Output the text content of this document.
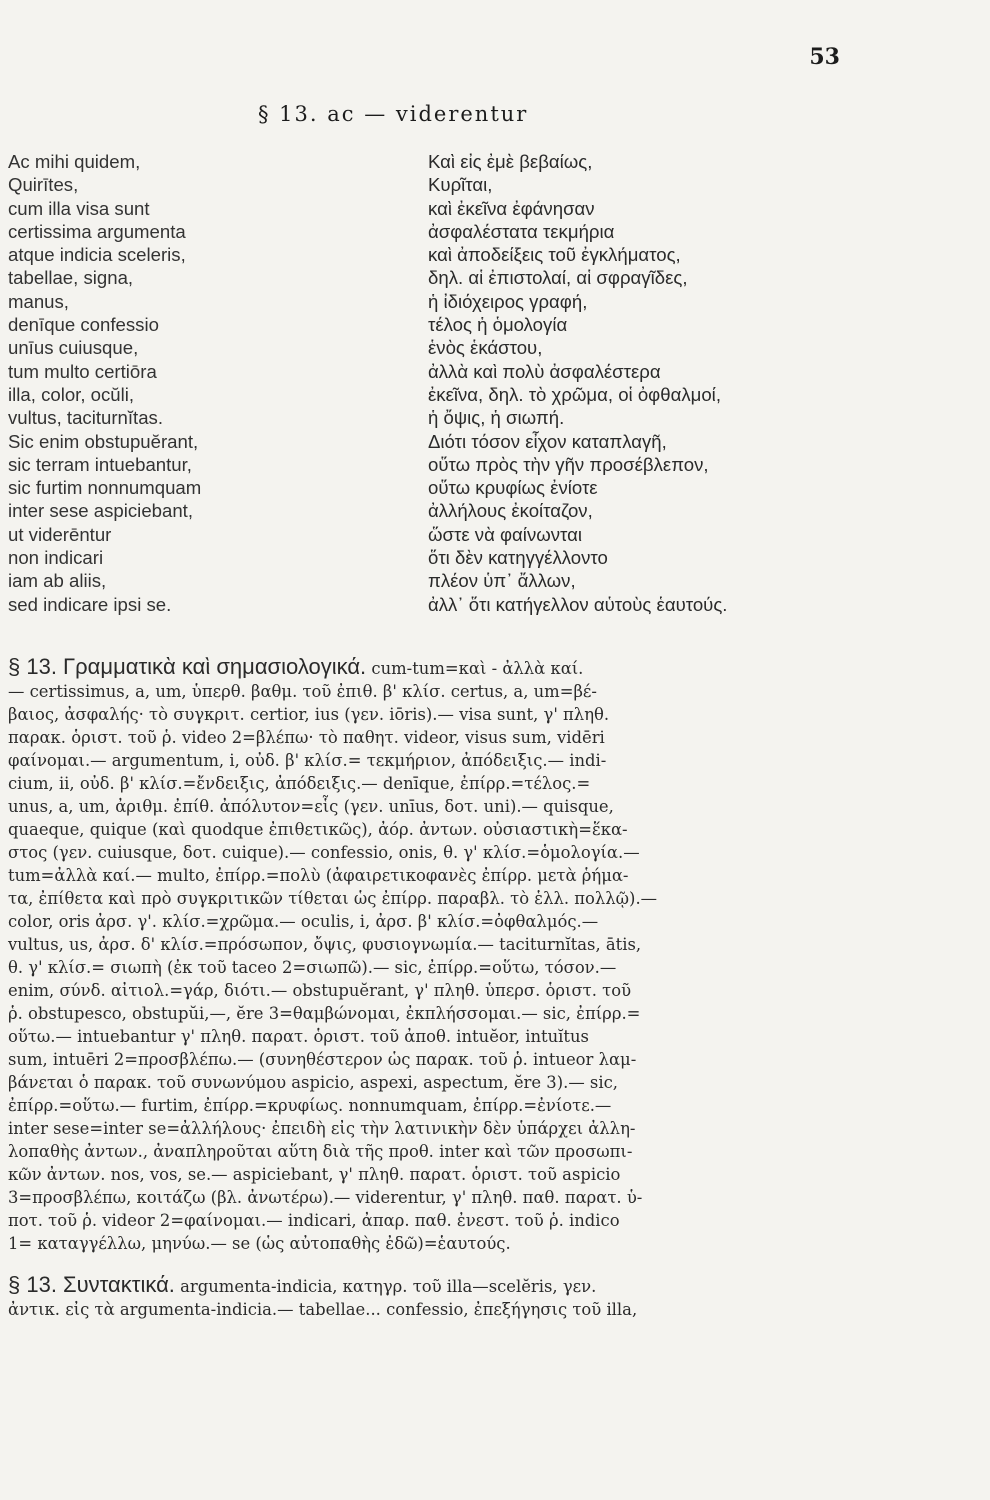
53
§ 13. ac — viderentur
Ac mihi quidem,
Quirītes,
cum illa visa sunt
certissima argumenta
atque indicia sceleris,
tabellae, signa,
manus,
denīque confessio
unīus cuiusque,
tum multo certiōra
illa, color, ocŭli,
vultus, taciturnĭtas.
Sic enim obstupuĕrant,
sic terram intuebantur,
sic furtim nonnumquam
inter sese aspiciebant,
ut viderēntur
non indicari
iam ab aliis,
sed indicare ipsi se.
Καὶ εἰς ἐμὲ βεβαίως,
Κυρῖται,
καὶ ἐκεῖνα ἐφάνησαν
ἀσφαλέστατα τεκμήρια
καὶ ἀποδείξεις τοῦ ἐγκλήματος,
δηλ. αἱ ἐπιστολαί, αἱ σφραγῖδες,
ἡ ἰδιόχειρος γραφή,
τέλος ἡ ὁμολογία
ἑνὸς ἑκάστου,
ἀλλὰ καὶ πολὺ ἀσφαλέστερα
ἐκεῖνα, δηλ. τὸ χρῶμα, οἱ ὀφθαλμοί,
ἡ ὄψις, ἡ σιωπή.
Διότι τόσον εἶχον καταπλαγῆ,
οὕτω πρὸς τὴν γῆν προσέβλεπον,
οὕτω κρυφίως ἐνίοτε
ἀλλήλους ἐκοίταζον,
ὥστε νὰ φαίνωνται
ὅτι δὲν κατηγγέλλοντο
πλέον ὑπ᾽ ἄλλων,
ἀλλ᾽ ὅτι κατήγελλον αὑτοὺς ἑαυτούς.
§ 13. Γραμματικὰ καὶ σημασιολογικά. cum-tum=καὶ - ἀλλὰ καί.
— certissimus, a, um, ὑπερθ. βαθμ. τοῦ ἐπιθ. β' κλίσ. certus, a, um=βέ-
βαιος, ἀσφαλής· τὸ συγκριτ. certior, ius (γεν. iōris).— visa sunt, γ' πληθ.
παρακ. ὁριστ. τοῦ ῥ. video 2=βλέπω· τὸ παθητ. videor, visus sum, vidēri
φαίνομαι.— argumentum, i, οὐδ. β' κλίσ.= τεκμήριον, ἀπόδειξις.— indi-
cium, ii, οὐδ. β' κλίσ.=ἔνδειξις, ἀπόδειξις.— denīque, ἐπίρρ.=τέλος.=
unus, a, um, ἀριθμ. ἐπίθ. ἀπόλυτον=εἷς (γεν. unīus, δοτ. uni).— quisque,
quaeque, quique (καὶ quodque ἐπιθετικῶς), ἀόρ. ἀντων. οὐσιαστικὴ=ἕκα-
στος (γεν. cuiusque, δοτ. cuique).— confessio, onis, θ. γ' κλίσ.=ὁμολογία.—
tum=ἀλλὰ καί.— multo, ἐπίρρ.=πολὺ (ἀφαιρετικοφανὲς ἐπίρρ. μετὰ ῥήμα-
τα, ἐπίθετα καὶ πρὸ συγκριτικῶν τίθεται ὡς ἐπίρρ. παραβλ. τὸ ἑλλ. πολλῷ).—
color, oris ἀρσ. γ'. κλίσ.=χρῶμα.— oculis, i, ἀρσ. β' κλίσ.=ὀφθαλμός.—
vultus, us, ἀρσ. δ' κλίσ.=πρόσωπον, ὄψις, φυσιογνωμία.— taciturnĭtas, ātis,
θ. γ' κλίσ.= σιωπὴ (ἐκ τοῦ taceo 2=σιωπῶ).— sic, ἐπίρρ.=οὕτω, τόσον.—
enim, σύνδ. αἰτιολ.=γάρ, διότι.— obstupuĕrant, γ' πληθ. ὑπερσ. ὁριστ. τοῦ
ῥ. obstupesco, obstupŭi,—, ĕre 3=θαμβώνομαι, ἐκπλήσσομαι.— sic, ἐπίρρ.=
οὕτω.— intuebantur γ' πληθ. παρατ. ὁριστ. τοῦ ἀποθ. intuĕor, intuĭtus
sum, intuēri 2=προσβλέπω.— (συνηθέστερον ὡς παρακ. τοῦ ῥ. intueor λαμ-
βάνεται ὁ παρακ. τοῦ συνωνύμου aspicio, aspexi, aspectum, ĕre 3).— sic,
ἐπίρρ.=οὕτω.— furtim, ἐπίρρ.=κρυφίως. nonnumquam, ἐπίρρ.=ἐνίοτε.—
inter sese=inter se=ἀλλήλους· ἐπειδὴ εἰς τὴν λατινικὴν δὲν ὑπάρχει ἀλλη-
λοπαθὴς ἀντων., ἀναπληροῦται αὕτη διὰ τῆς προθ. inter καὶ τῶν προσωπι-
κῶν ἀντων. nos, vos, se.— aspiciebant, γ' πληθ. παρατ. ὁριστ. τοῦ aspicio
3=προσβλέπω, κοιτάζω (βλ. ἀνωτέρω).— viderentur, γ' πληθ. παθ. παρατ. ὑ-
ποτ. τοῦ ῥ. videor 2=φαίνομαι.— indicari, ἀπαρ. παθ. ἐνεστ. τοῦ ῥ. indico
1= καταγγέλλω, μηνύω.— se (ὡς αὐτοπαθὴς ἐδῶ)=ἑαυτούς.
§ 13. Συντακτικά. argumenta-indicia, κατηγρ. τοῦ illa—scelĕris, γεν.
ἀντικ. εἰς τὰ argumenta-indicia.— tabellae... confessio, ἐπεξήγησις τοῦ illa,
